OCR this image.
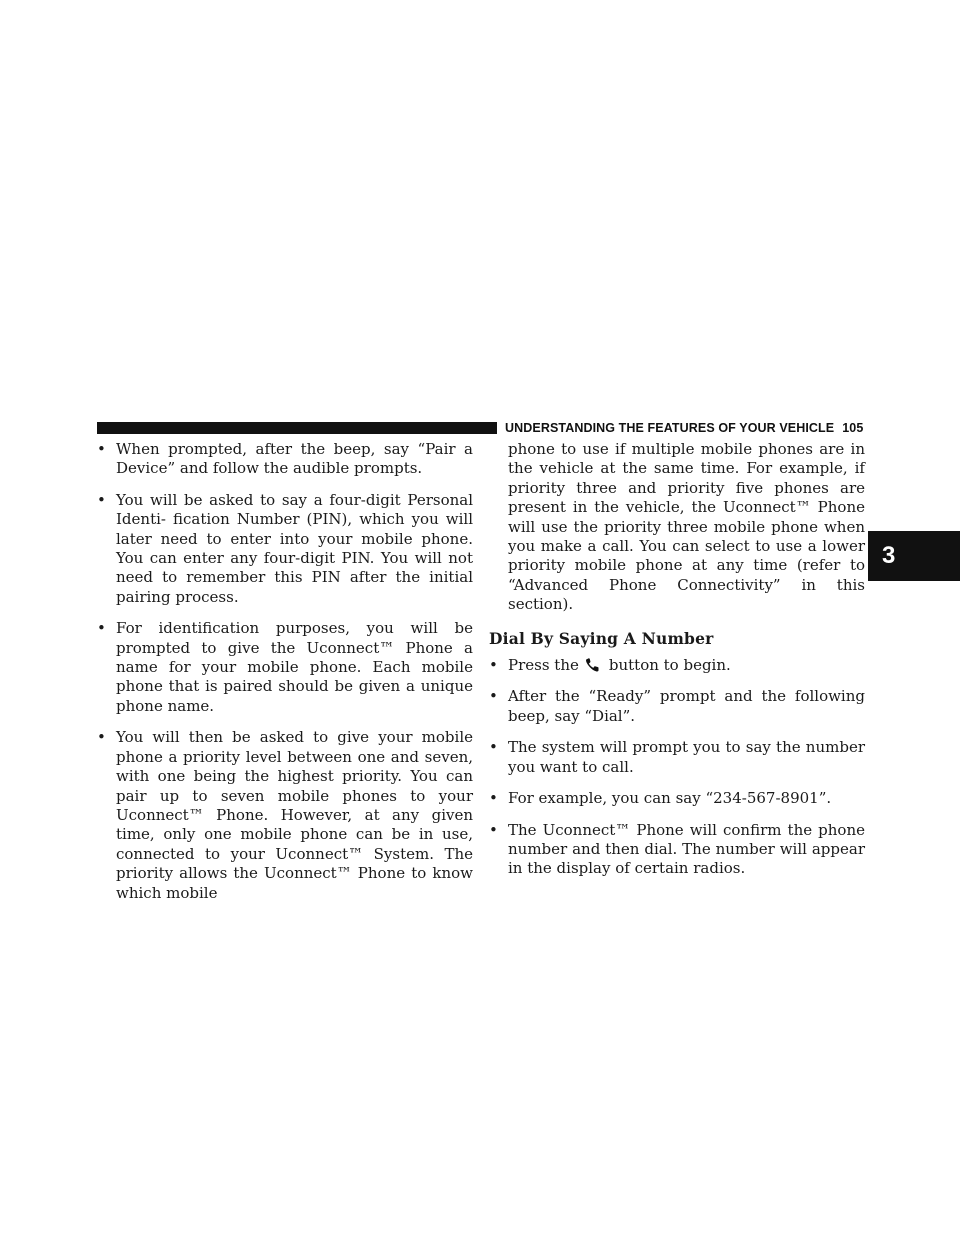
UNDERSTANDING THE FEATURES OF YOUR VEHICLE 105
3

• When prompted, after the beep, say “Pair a Device” and follow the audible prompts.

• You will be asked to say a four-digit Personal Identi- fication Number (PIN), which you will later need to enter into your mobile phone. You can enter any four-digit PIN. You will not need to remember this PIN after the initial pairing process.

• For identification purposes, you will be prompted to give the Uconnect™ Phone a name for your mobile phone. Each mobile phone that is paired should be given a unique phone name.

• You will then be asked to give your mobile phone a priority level between one and seven, with one being the highest priority. You can pair up to seven mobile phones to your Uconnect™ Phone. However, at any given time, only one mobile phone can be in use, connected to your Uconnect™ System. The priority allows the Uconnect™ Phone to know which mobile

phone to use if multiple mobile phones are in the vehicle at the same time. For example, if priority three and priority five phones are present in the vehicle, the Uconnect™ Phone will use the priority three mobile phone when you make a call. You can select to use a lower priority mobile phone at any time (refer to “Advanced Phone Connectivity” in this section).

Dial By Saying A Number

• Press the button to begin.

• After the “Ready” prompt and the following beep, say “Dial”.

• The system will prompt you to say the number you want to call.

• For example, you can say “234-567-8901”.

• The Uconnect™ Phone will confirm the phone number and then dial. The number will appear in the display of certain radios.
